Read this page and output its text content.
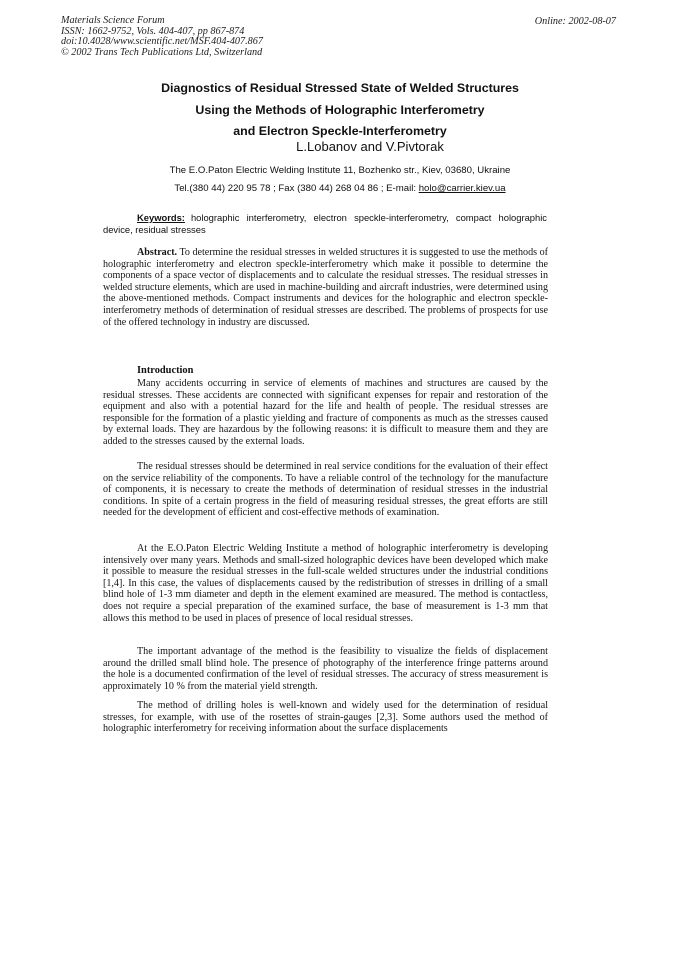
Materials Science Forum
ISSN: 1662-9752, Vols. 404-407, pp 867-874
doi:10.4028/www.scientific.net/MSF.404-407.867
© 2002 Trans Tech Publications Ltd, Switzerland
Online: 2002-08-07
Diagnostics of Residual Stressed State of Welded Structures
Using the Methods of Holographic Interferometry
and Electron Speckle-Interferometry
L.Lobanov and V.Pivtorak
The E.O.Paton Electric Welding Institute 11, Bozhenko str., Kiev, 03680, Ukraine
Tel.(380 44) 220 95 78 ; Fax (380 44) 268 04 86 ; E-mail: holo@carrier.kiev.ua
Keywords: holographic interferometry, electron speckle-interferometry, compact holographic device, residual stresses

Abstract. To determine the residual stresses in welded structures it is suggested to use the methods of holographic interferometry and electron speckle-interferometry which make it possible to determine the components of a space vector of displacements and to calculate the residual stresses. The residual stresses in welded structure elements, which are used in machine-building and aircraft industries, were determined using the above-mentioned methods. Compact instruments and devices for the holographic and electron speckle-interferometry methods of determination of residual stresses are described. The problems of prospects for use of the offered technology in industry are discussed.

Introduction

Many accidents occurring in service of elements of machines and structures are caused by the residual stresses. These accidents are connected with significant expenses for repair and restoration of the equipment and also with a potential hazard for the life and health of people. The residual stresses are responsible for the formation of a plastic yielding and fracture of components as much as the stresses caused by external loads. They are hazardous by the following reasons: it is difficult to measure them and they are added to the stresses caused by the external loads.

The residual stresses should be determined in real service conditions for the evaluation of their effect on the service reliability of the components. To have a reliable control of the technology for the manufacture of components, it is necessary to create the methods of determination of residual stresses in the industrial conditions. In spite of a certain progress in the field of measuring residual stresses, the great efforts are still needed for the development of efficient and cost-effective methods of examination.

At the E.O.Paton Electric Welding Institute a method of holographic interferometry is developing intensively over many years. Methods and small-sized holographic devices have been developed which make it possible to measure the residual stresses in the full-scale welded structures under the industrial conditions [1,4]. In this case, the values of displacements caused by the redistribution of stresses in drilling of a small blind hole of 1-3 mm diameter and depth in the element examined are measured. The method is contactless, does not require a special preparation of the examined surface, the base of measurement is 1-3 mm that allows this method to be used in places of presence of local residual stresses.

The important advantage of the method is the feasibility to visualize the fields of displacement around the drilled small blind hole. The presence of photography of the interference fringe patterns around the hole is a documented confirmation of the level of residual stresses. The accuracy of stress measurement is approximately 10 % from the material yield strength.

The method of drilling holes is well-known and widely used for the determination of residual stresses, for example, with use of the rosettes of strain-gauges [2,3]. Some authors used the method of holographic interferometry for receiving information about the surface displacements
